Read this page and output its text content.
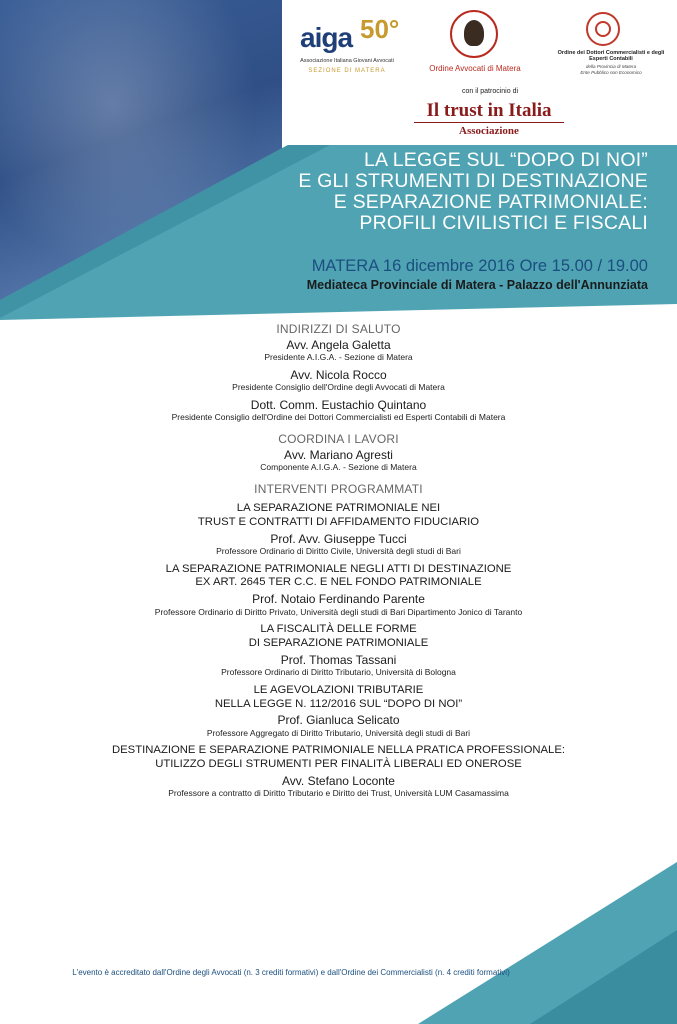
aiga 50°
Associazione Italiana Giovani Avvocati
SEZIONE DI MATERA	Ordine Avvocati di Matera
Ordine dei Dottori Commercialisti e degli Esperti Contabili
della Provincia di Matera
Ente Pubblico non Economico
con il patrocinio di
Il trust in Italia
Associazione
LA LEGGE SUL “DOPO DI NOI”
E GLI STRUMENTI DI DESTINAZIONE
E SEPARAZIONE PATRIMONIALE:
PROFILI CIVILISTICI E FISCALI
MATERA 16 dicembre 2016 Ore 15.00 / 19.00
Mediateca Provinciale di Matera - Palazzo dell'Annunziata
INDIRIZZI DI SALUTO
Avv. Angela Galetta
Presidente A.I.G.A. - Sezione di Matera
Avv. Nicola Rocco
Presidente Consiglio dell'Ordine degli Avvocati di Matera
Dott. Comm. Eustachio Quintano
Presidente Consiglio dell'Ordine dei Dottori Commercialisti ed Esperti Contabili di Matera
COORDINA I LAVORI
Avv. Mariano Agresti
Componente A.I.G.A. - Sezione di Matera
INTERVENTI PROGRAMMATI
LA SEPARAZIONE PATRIMONIALE NEI
TRUST E CONTRATTI DI AFFIDAMENTO FIDUCIARIO
Prof. Avv. Giuseppe Tucci
Professore Ordinario di Diritto Civile, Università degli studi di Bari
LA SEPARAZIONE PATRIMONIALE NEGLI ATTI DI DESTINAZIONE
EX ART. 2645 TER C.C. E NEL FONDO PATRIMONIALE
Prof. Notaio Ferdinando Parente
Professore Ordinario di Diritto Privato, Università degli studi di Bari Dipartimento Jonico di Taranto
LA FISCALITÀ DELLE FORME
DI SEPARAZIONE PATRIMONIALE
Prof. Thomas Tassani
Professore Ordinario di Diritto Tributario, Università di Bologna
LE AGEVOLAZIONI TRIBUTARIE
NELLA LEGGE N. 112/2016 SUL “DOPO DI NOI”
Prof. Gianluca Selicato
Professore Aggregato di Diritto Tributario, Università degli studi di Bari
DESTINAZIONE E SEPARAZIONE PATRIMONIALE NELLA PRATICA PROFESSIONALE:
UTILIZZO DEGLI STRUMENTI PER FINALITÀ LIBERALI ED ONEROSE
Avv. Stefano Loconte
Professore a contratto di Diritto Tributario e Diritto dei Trust, Università LUM Casamassima
L'evento è accreditato dall'Ordine degli Avvocati (n. 3 crediti formativi) e dall'Ordine dei Commercialisti (n. 4 crediti formativi)
